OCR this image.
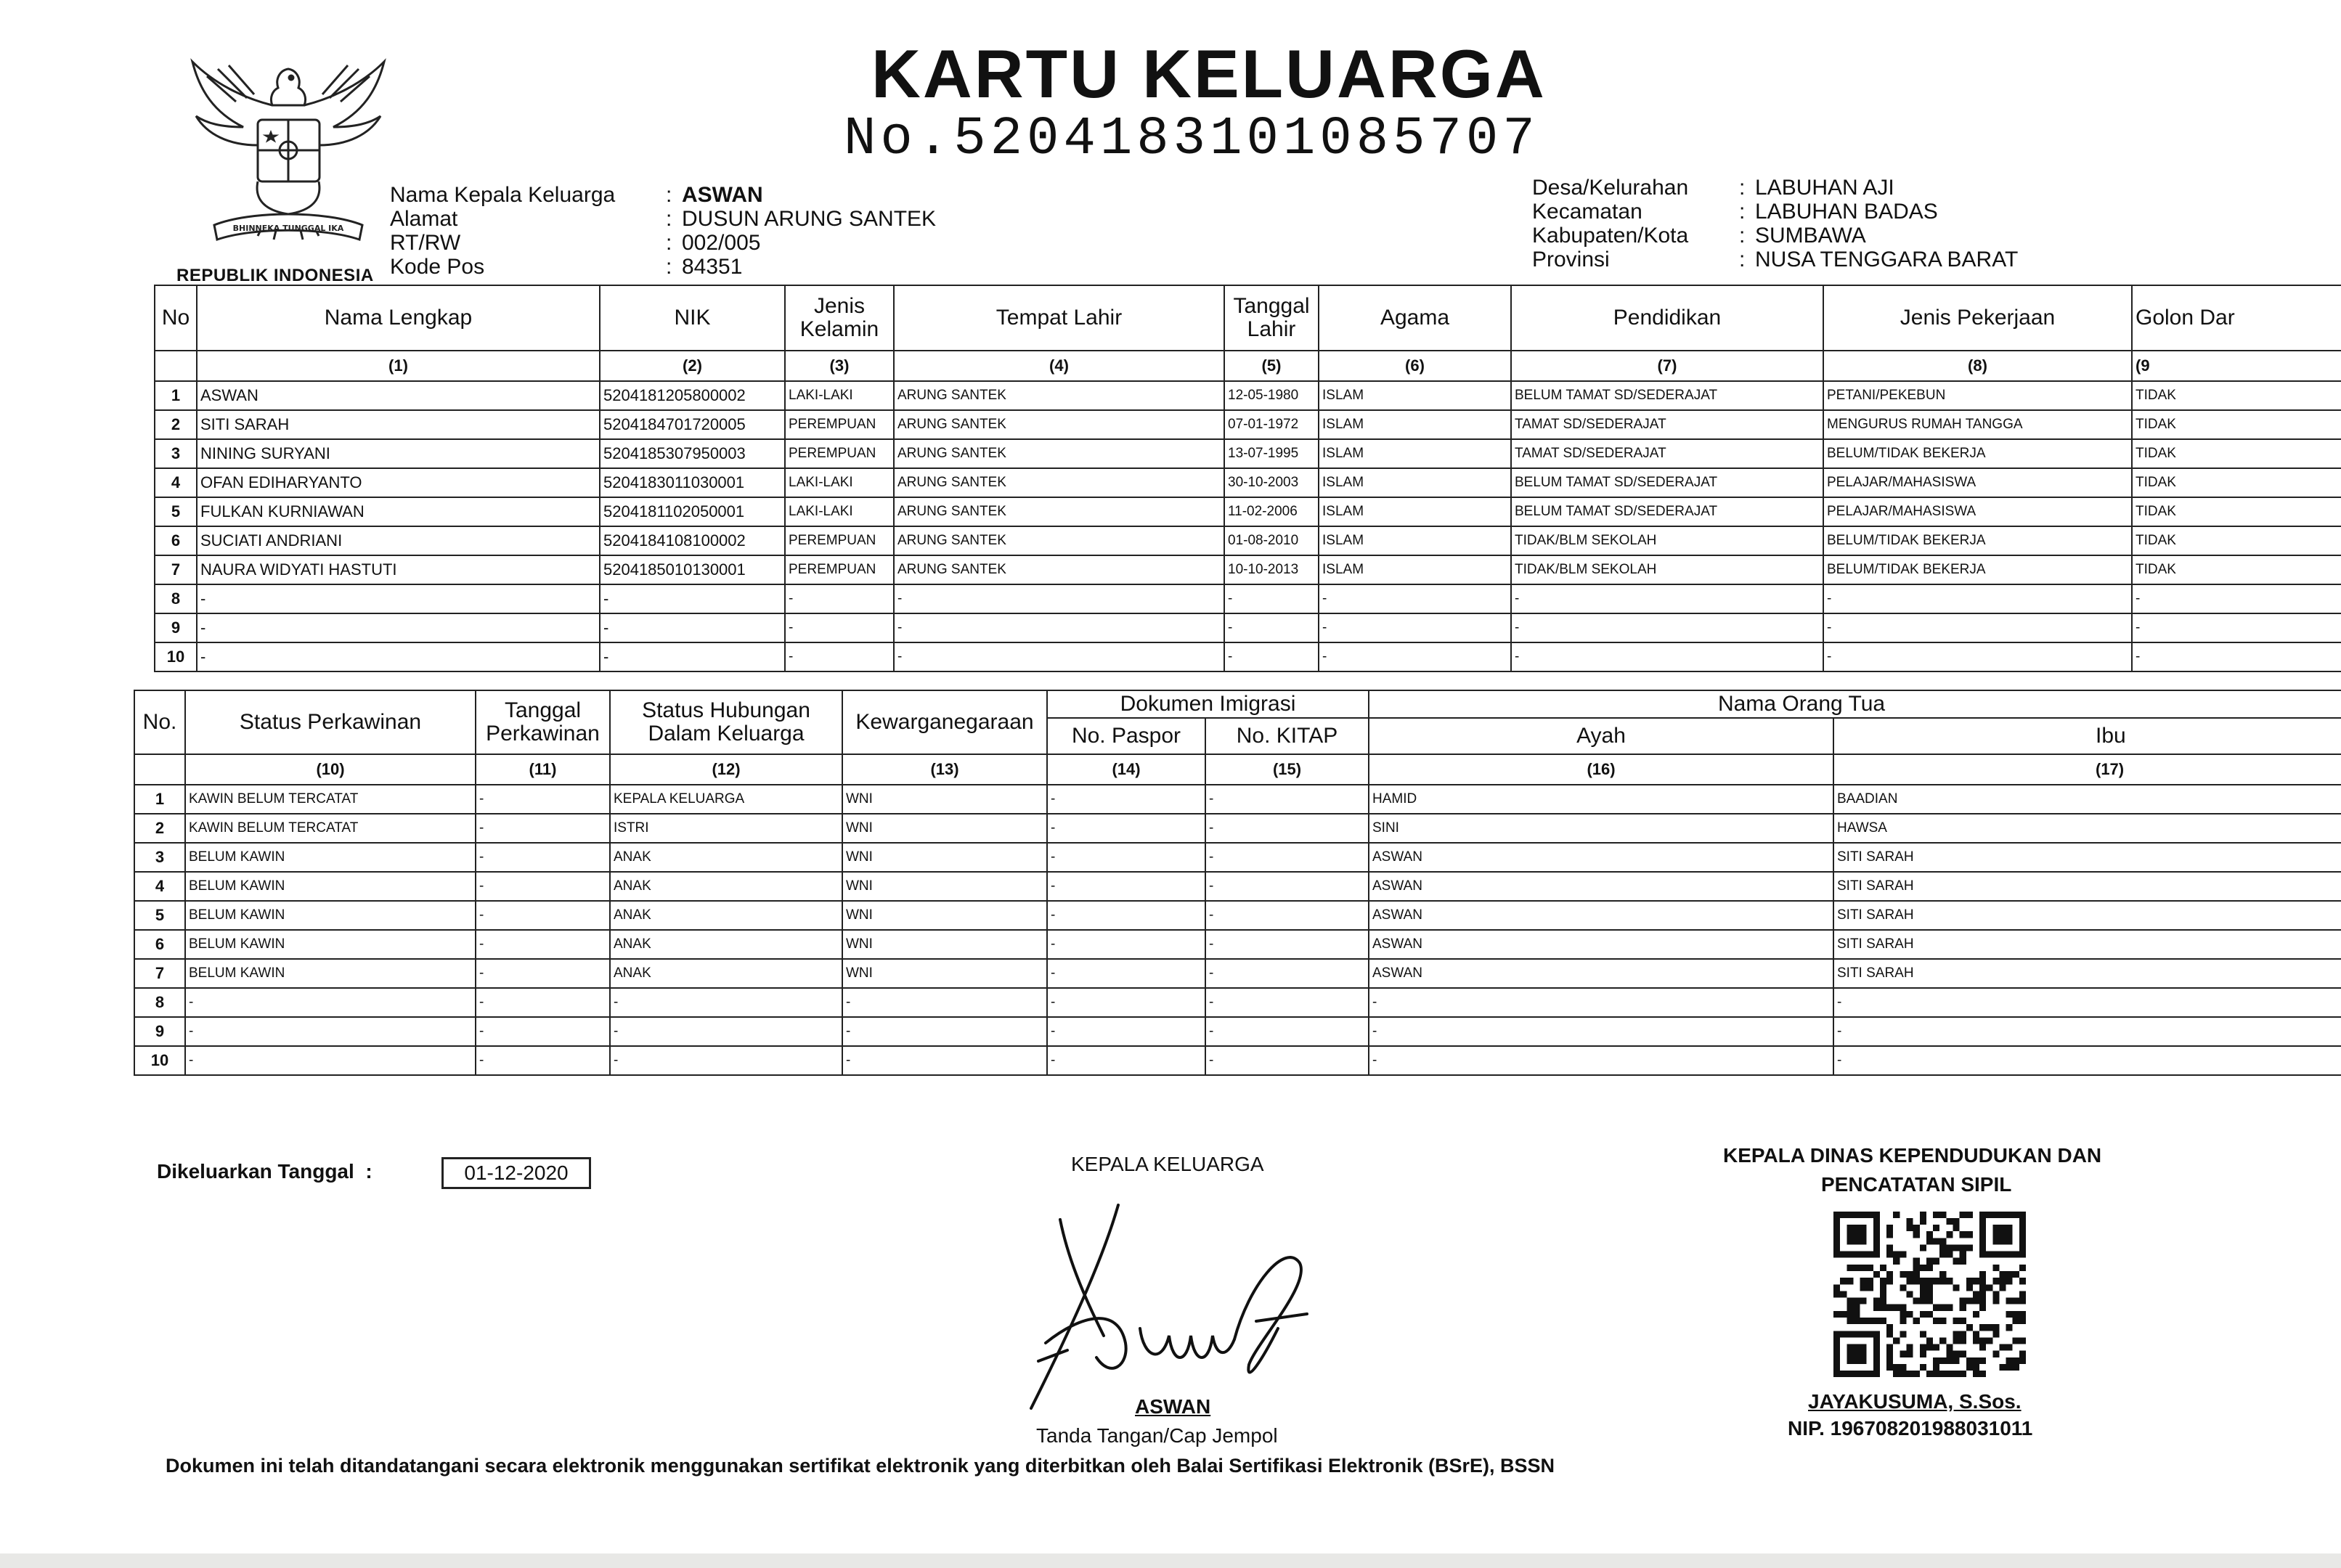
BHINNEKA TUNGGAL IKA
REPUBLIK INDONESIA
KARTU KELUARGA
No.5204183101085707
Nama Kepala Keluarga	: ASWAN
Alamat	: DUSUN ARUNG SANTEK
RT/RW	: 002/005
Kode Pos	: 84351
Desa/Kelurahan	: LABUHAN AJI
Kecamatan	: LABUHAN BADAS
Kabupaten/Kota	: SUMBAWA
Provinsi	: NUSA TENGGARA BARAT
No	Nama Lengkap	NIK	Jenis Kelamin	Tempat Lahir	Tanggal Lahir	Agama	Pendidikan	Jenis Pekerjaan	Golon Dar
	(1)	(2)	(3)	(4)	(5)	(6)	(7)	(8)	(9
1	ASWAN	5204181205800002	LAKI-LAKI	ARUNG SANTEK	12-05-1980	ISLAM	BELUM TAMAT SD/SEDERAJAT	PETANI/PEKEBUN	TIDAK
2	SITI SARAH	5204184701720005	PEREMPUAN	ARUNG SANTEK	07-01-1972	ISLAM	TAMAT SD/SEDERAJAT	MENGURUS RUMAH TANGGA	TIDAK
3	NINING SURYANI	5204185307950003	PEREMPUAN	ARUNG SANTEK	13-07-1995	ISLAM	TAMAT SD/SEDERAJAT	BELUM/TIDAK BEKERJA	TIDAK
4	OFAN EDIHARYANTO	5204183011030001	LAKI-LAKI	ARUNG SANTEK	30-10-2003	ISLAM	BELUM TAMAT SD/SEDERAJAT	PELAJAR/MAHASISWA	TIDAK
5	FULKAN KURNIAWAN	5204181102050001	LAKI-LAKI	ARUNG SANTEK	11-02-2006	ISLAM	BELUM TAMAT SD/SEDERAJAT	PELAJAR/MAHASISWA	TIDAK
6	SUCIATI ANDRIANI	5204184108100002	PEREMPUAN	ARUNG SANTEK	01-08-2010	ISLAM	TIDAK/BLM SEKOLAH	BELUM/TIDAK BEKERJA	TIDAK
7	NAURA WIDYATI HASTUTI	5204185010130001	PEREMPUAN	ARUNG SANTEK	10-10-2013	ISLAM	TIDAK/BLM SEKOLAH	BELUM/TIDAK BEKERJA	TIDAK
8	-	-	-	-	-	-	-	-	-
9	-	-	-	-	-	-	-	-	-
10	-	-	-	-	-	-	-	-	-
No.	Status Perkawinan	Tanggal Perkawinan	Status Hubungan Dalam Keluarga	Kewarganegaraan	Dokumen Imigrasi		Nama Orang Tua	
					No. Paspor	No. KITAP	Ayah	Ibu
	(10)	(11)	(12)	(13)	(14)	(15)	(16)	(17)
1	KAWIN BELUM TERCATAT	-	KEPALA KELUARGA	WNI	-	-	HAMID	BAADIAN
2	KAWIN BELUM TERCATAT	-	ISTRI	WNI	-	-	SINI	HAWSA
3	BELUM KAWIN	-	ANAK	WNI	-	-	ASWAN	SITI SARAH
4	BELUM KAWIN	-	ANAK	WNI	-	-	ASWAN	SITI SARAH
5	BELUM KAWIN	-	ANAK	WNI	-	-	ASWAN	SITI SARAH
6	BELUM KAWIN	-	ANAK	WNI	-	-	ASWAN	SITI SARAH
7	BELUM KAWIN	-	ANAK	WNI	-	-	ASWAN	SITI SARAH
8	-	-	-	-	-	-	-	-
9	-	-	-	-	-	-	-	-
10	-	-	-	-	-	-	-	-
Dikeluarkan Tanggal :	01-12-2020	KEPALA KELUARGA
ASWAN
Tanda Tangan/Cap Jempol
KEPALA DINAS KEPENDUDUKAN DAN
PENCATATAN SIPIL
JAYAKUSUMA, S.Sos.
NIP. 196708201988031011
Dokumen ini telah ditandatangani secara elektronik menggunakan sertifikat elektronik yang diterbitkan oleh Balai Sertifikasi Elektronik (BSrE), BSSN
